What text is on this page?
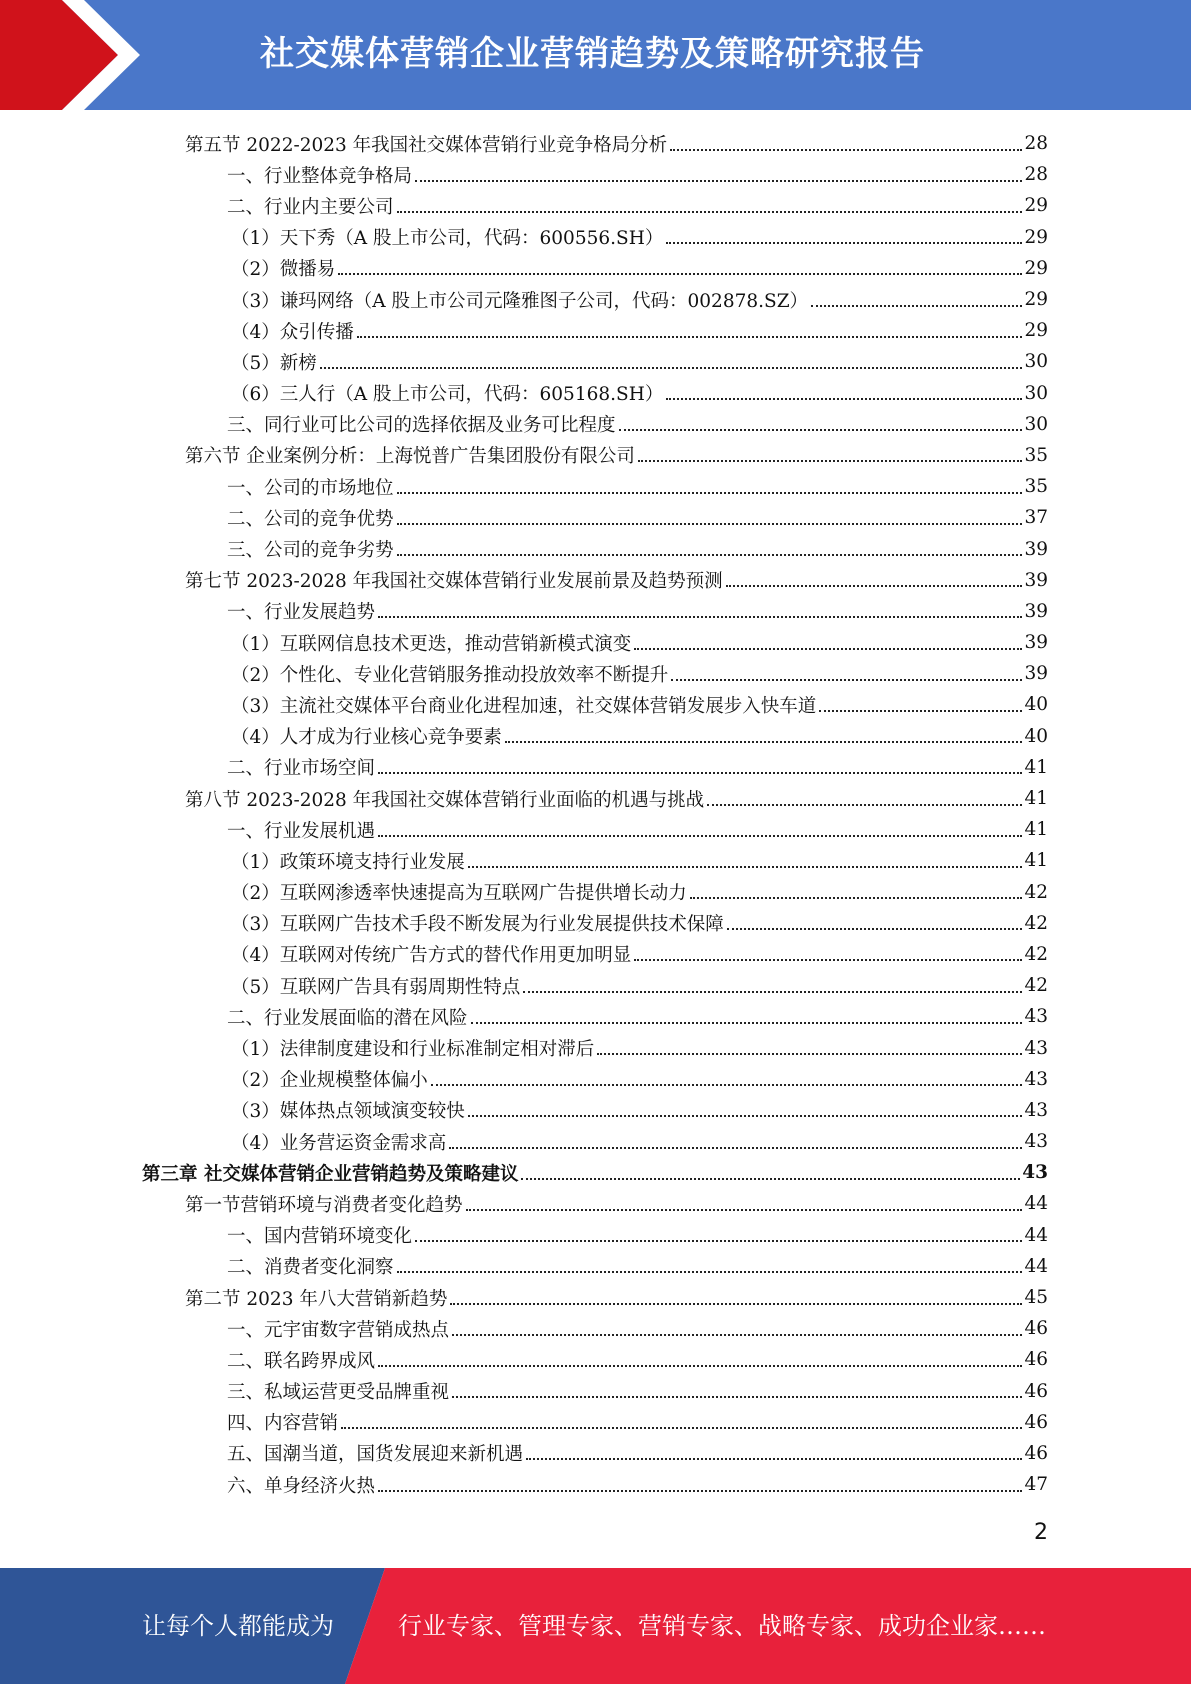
社交媒体营销企业营销趋势及策略研究报告
第五节 2022-2023 年我国社交媒体营销行业竞争格局分析	28
一、行业整体竞争格局	28
二、行业内主要公司	29
（1）天下秀（A 股上市公司，代码：600556.SH）	29
（2）微播易	29
（3）谦玛网络（A 股上市公司元隆雅图子公司，代码：002878.SZ）	29
（4）众引传播	29
（5）新榜	30
（6）三人行（A 股上市公司，代码：605168.SH）	30
三、同行业可比公司的选择依据及业务可比程度	30
第六节 企业案例分析：上海悦普广告集团股份有限公司	35
一、公司的市场地位	35
二、公司的竞争优势	37
三、公司的竞争劣势	39
第七节 2023-2028 年我国社交媒体营销行业发展前景及趋势预测	39
一、行业发展趋势	39
（1）互联网信息技术更迭，推动营销新模式演变	39
（2）个性化、专业化营销服务推动投放效率不断提升	39
（3）主流社交媒体平台商业化进程加速，社交媒体营销发展步入快车道	40
（4）人才成为行业核心竞争要素	40
二、行业市场空间	41
第八节 2023-2028 年我国社交媒体营销行业面临的机遇与挑战	41
一、行业发展机遇	41
（1）政策环境支持行业发展	41
（2）互联网渗透率快速提高为互联网广告提供增长动力	42
（3）互联网广告技术手段不断发展为行业发展提供技术保障	42
（4）互联网对传统广告方式的替代作用更加明显	42
（5）互联网广告具有弱周期性特点	42
二、行业发展面临的潜在风险	43
（1）法律制度建设和行业标准制定相对滞后	43
（2）企业规模整体偏小	43
（3）媒体热点领域演变较快	43
（4）业务营运资金需求高	43
第三章 社交媒体营销企业营销趋势及策略建议	43
第一节营销环境与消费者变化趋势	44
一、国内营销环境变化	44
二、消费者变化洞察	44
第二节 2023 年八大营销新趋势	45
一、元宇宙数字营销成热点	46
二、联名跨界成风	46
三、私域运营更受品牌重视	46
四、内容营销	46
五、国潮当道，国货发展迎来新机遇	46
六、单身经济火热	47
2
让每个人都能成为	行业专家、管理专家、营销专家、战略专家、成功企业家……
